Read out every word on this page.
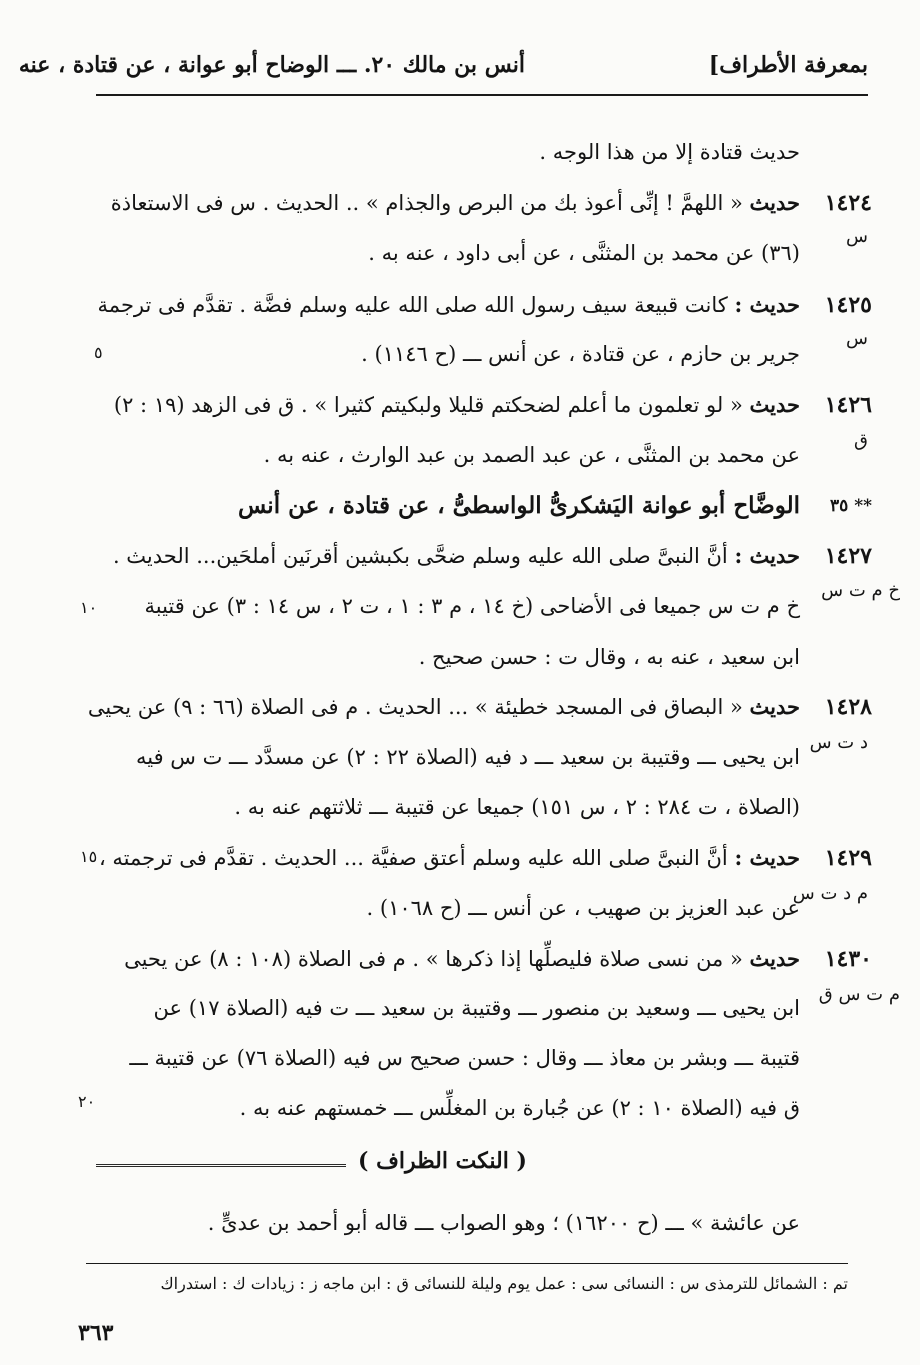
بمعرفة الأطراف]
أنس بن مالك ٢٠. ـــ الوضاح أبو عوانة ، عن قتادة ، عنه
حديث قتادة إلا من هذا الوجه .
١٤٢٤
س
حديث « اللهمَّ ! إنِّى أعوذ بك من البرص والجذام » .. الحديث . س فى الاستعاذة
(٣٦) عن محمد بن المثنَّى ، عن أبى داود ، عنه به .
١٤٢٥
س
حديث : كانت قبيعة سيف رسول الله صلى الله عليه وسلم فضَّة . تقدَّم فى ترجمة
جرير بن حازم ، عن قتادة ، عن أنس ـــ (ح ١١٤٦) .
٥
١٤٢٦
ق
حديث « لو تعلمون ما أعلم لضحكتم قليلا ولبكيتم كثيرا » . ق فى الزهد (١٩ : ٢)
عن محمد بن المثنَّى ، عن عبد الصمد بن عبد الوارث ، عنه به .
٣٥ **
الوضَّاح أبو عوانة اليَشكرىُّ الواسطىُّ ، عن قتادة ، عن أنس
١٤٢٧
خ م ت س
حديث : أنَّ النبىَّ صلى الله عليه وسلم ضحَّى بكبشين أقرنَين أملحَين... الحديث .
خ م ت س جميعا فى الأضاحى (خ ١٤ ، م ٣ : ١ ، ت ٢ ، س ١٤ : ٣) عن قتيبة
١٠
ابن سعيد ، عنه به ، وقال ت : حسن صحيح .
١٤٢٨
د ت س
حديث « البصاق فى المسجد خطيئة » ... الحديث . م فى الصلاة (٦٦ : ٩) عن يحيى
ابن يحيى ـــ وقتيبة بن سعيد ـــ د فيه (الصلاة ٢٢ : ٢) عن مسدَّد ـــ ت س فيه
(الصلاة ، ت ٢٨٤ : ٢ ، س ١٥١) جميعا عن قتيبة ـــ ثلاثتهم عنه به .
١٤٢٩
م د ت س
حديث : أنَّ النبىَّ صلى الله عليه وسلم أعتق صفيَّة ... الحديث . تقدَّم فى ترجمته ،
١٥
عن عبد العزيز بن صهيب ، عن أنس ـــ (ح ١٠٦٨) .
١٤٣٠
م ت س ق
حديث « من نسى صلاة فليصلِّها إذا ذكرها » . م فى الصلاة (١٠٨ : ٨) عن يحيى
ابن يحيى ـــ وسعيد بن منصور ـــ وقتيبة بن سعيد ـــ ت فيه (الصلاة ١٧) عن
قتيبة ـــ وبشر بن معاذ ـــ وقال : حسن صحيح س فيه (الصلاة ٧٦) عن قتيبة ـــ
ق فيه (الصلاة ١٠ : ٢) عن جُبارة بن المغلِّس ـــ خمستهم عنه به .
٢٠
( النكت الظراف )
عن عائشة » ـــ (ح ١٦٢٠٠) ؛ وهو الصواب ـــ قاله أبو أحمد بن عدىٍّ .
تم : الشمائل للترمذى س : النسائى سى : عمل يوم وليلة للنسائى ق : ابن ماجه ز : زيادات ك : استدراك
٣٦٣
